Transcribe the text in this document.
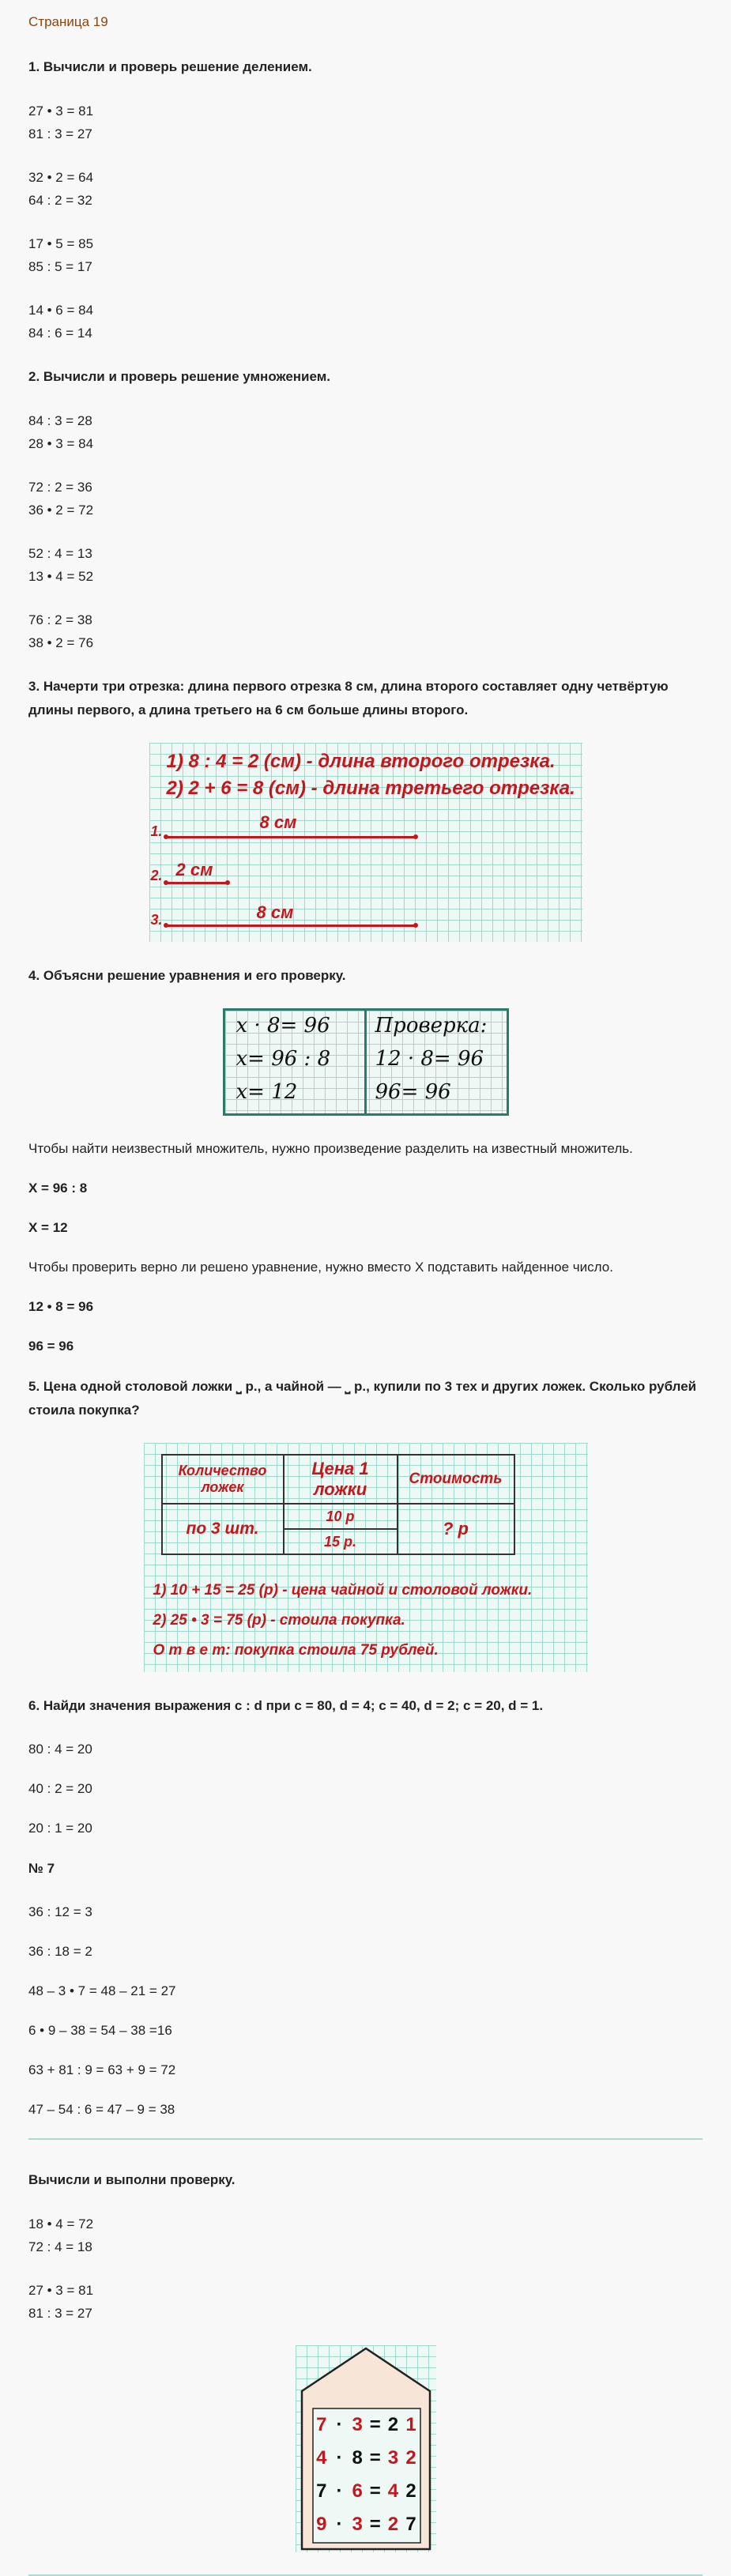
Страница 19
1. Вычисли и проверь решение делением.
27 • 3 = 81
81 : 3 = 27
32 • 2 = 64
64 : 2 = 32
17 • 5 = 85
85 : 5 = 17
14 • 6 = 84
84 : 6 = 14
2. Вычисли и проверь решение умножением.
84 : 3 = 28
28 • 3 = 84
72 : 2 = 36
36 • 2 = 72
52 : 4 = 13
13 • 4 = 52
76 : 2 = 38
38 • 2 = 76
3. Начерти три отрезка: длина первого отрезка 8 см, длина второго составляет одну четвёртую длины первого, а длина третьего на 6 см больше длины второго.
1) 8 : 4 = 2 (см) - длина второго отрезка.
2) 2 + 6 = 8 (см) - длина третьего отрезка.
1.	8 см
2. 2 см
3.	8 см
4. Объясни решение уравнения и его проверку.
x · 8= 96
x= 96 : 8
x= 12
Проверка:
12 · 8= 96
96= 96
Чтобы найти неизвестный множитель, нужно произведение разделить на известный множитель.
X = 96 : 8
X = 12
Чтобы проверить верно ли решено уравнение, нужно вместо X подставить найденное число.
12 • 8 = 96
96 = 96
5. Цена одной столовой ложки ⎵ р., а чайной — ⎵ р., купили по 3 тех и других ложек. Сколько рублей стоила покупка?
Количество ложек	Цена 1 ложки	Стоимость
по 3 шт.	10 р	? р
	15 р.	
1) 10 + 15 = 25 (р) - цена чайной и столовой ложки.
2) 25 • 3 = 75 (р) - стоила покупка.
О т в е т: покупка стоила 75 рублей.
6. Найди значения выражения c : d при c = 80, d = 4; c = 40, d = 2; c = 20, d = 1.
80 : 4 = 20
40 : 2 = 20
20 : 1 = 20
№ 7
36 : 12 = 3
36 : 18 = 2
48 – 3 • 7 = 48 – 21 = 27
6 • 9 – 38 = 54 – 38 =16
63 + 81 : 9 = 63 + 9 = 72
47 – 54 : 6 = 47 – 9 = 38
Вычисли и выполни проверку.
18 • 4 = 72
72 : 4 = 18
27 • 3 = 81
81 : 3 = 27
7 · 3 = 2 1
4 · 8 = 3 2
7 · 6 = 4 2
9 · 3 = 2 7
